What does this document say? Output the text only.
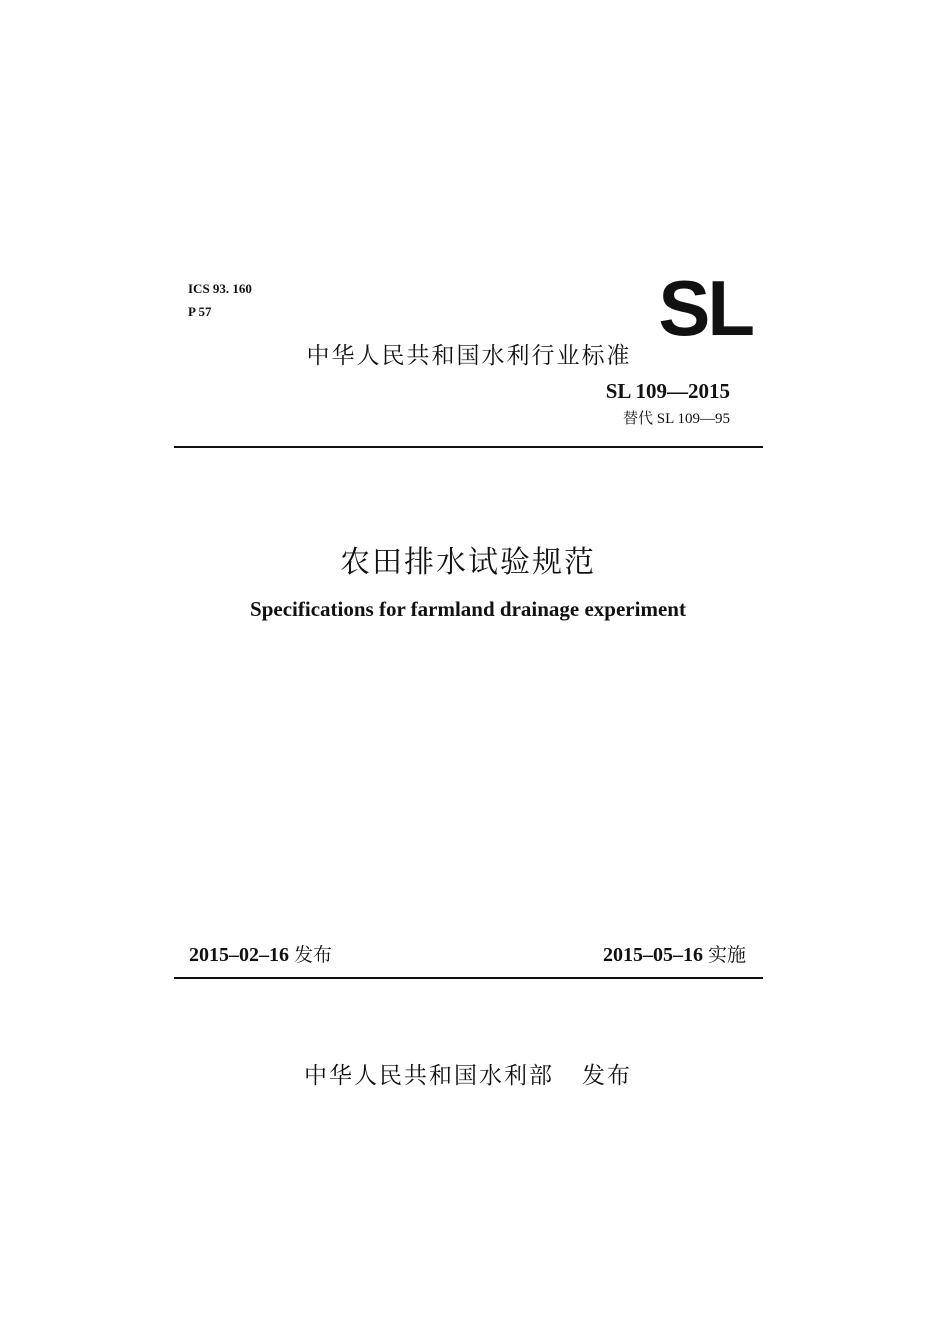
ICS 93. 160
P 57	SL
中华人民共和国水利行业标准
SL 109—2015
替代 SL 109—95
农田排水试验规范
Specifications for farmland drainage experiment
2015–02–16 发布	2015–05–16 实施
中华人民共和国水利部 发布
